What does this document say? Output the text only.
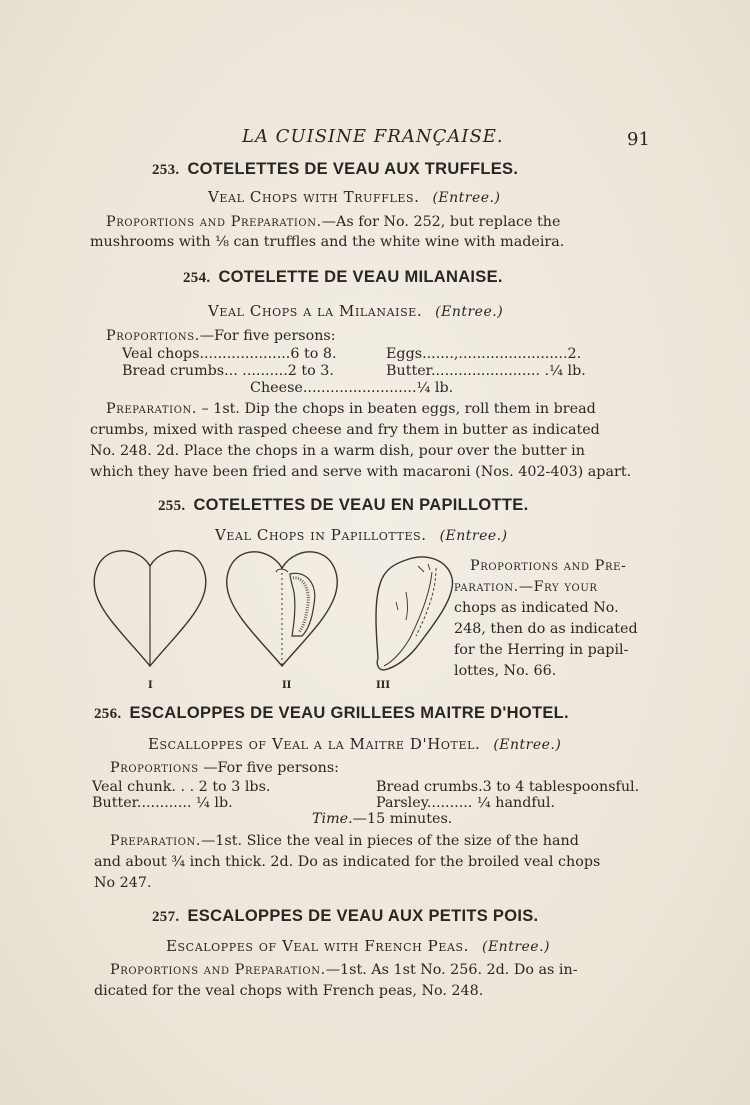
LA CUISINE FRANÇAISE.	91
253. COTELETTES DE VEAU AUX TRUFFLES.
Veal Chops with Truffles. (Entree.)
Proportions and Preparation.—As for No. 252, but replace the
mushrooms with ⅛ can truffles and the white wine with madeira.
254. COTELETTE DE VEAU MILANAISE.
Veal Chops a la Milanaise. (Entree.)
Proportions.—For five persons:
Veal chops....................6 to 8.	Eggs.......,........................2.
Bread crumbs... ..........2 to 3.	Butter........................ .¼ lb.
Cheese.........................¼ lb.
Preparation. – 1st. Dip the chops in beaten eggs, roll them in bread
crumbs, mixed with rasped cheese and fry them in butter as indicated
No. 248. 2d. Place the chops in a warm dish, pour over the butter in
which they have been fried and serve with macaroni (Nos. 402-403) apart.
255. COTELETTES DE VEAU EN PAPILLOTTE.
Veal Chops in Papillottes. (Entree.)
I	II	III
Proportions and Pre-
paration.—Fry your
chops as indicated No.
248, then do as indicated
for the Herring in papil-
lottes, No. 66.
256. ESCALOPPES DE VEAU GRILLEES MAITRE D'HOTEL.
Escalloppes of Veal a la Maitre D'Hotel. (Entree.)
Proportions —For five persons:
Veal chunk. . . 2 to 3 lbs.	Bread crumbs.3 to 4 tablespoonsful.
Butter............ ¼ lb.	Parsley.......... ¼ handful.
Time.—15 minutes.
Preparation.—1st. Slice the veal in pieces of the size of the hand
and about ¾ inch thick. 2d. Do as indicated for the broiled veal chops
No 247.
257. ESCALOPPES DE VEAU AUX PETITS POIS.
Escaloppes of Veal with French Peas. (Entree.)
Proportions and Preparation.—1st. As 1st No. 256. 2d. Do as in-
dicated for the veal chops with French peas, No. 248.
